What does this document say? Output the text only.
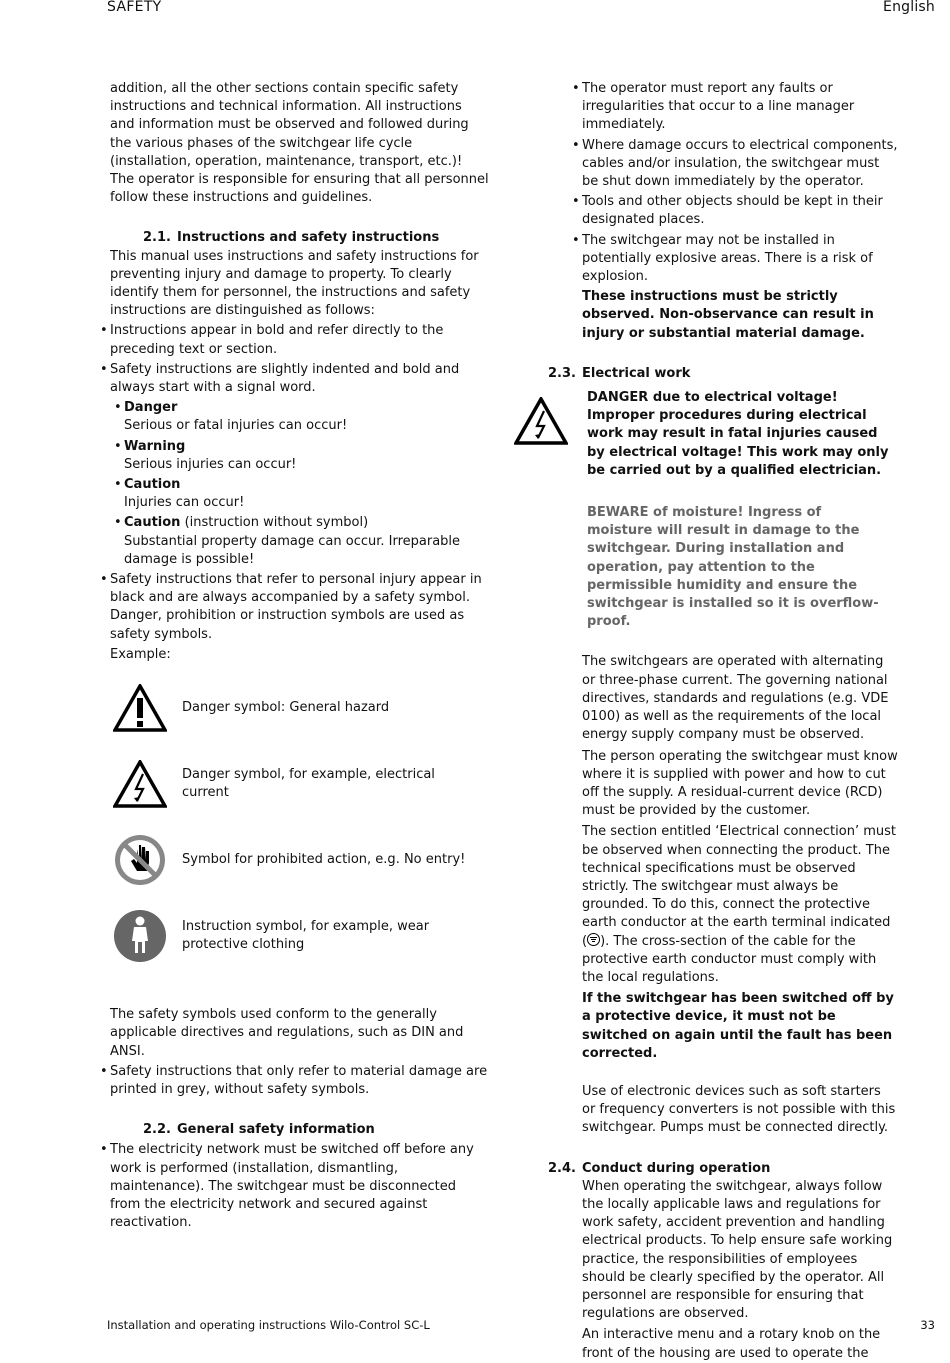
SAFETY	English

addition, all the other sections contain specific safety instructions and technical information. All instructions and information must be observed and followed during the various phases of the switchgear life cycle (installation, operation, maintenance, transport, etc.)! The operator is responsible for ensuring that all personnel follow these instructions and guidelines.

2.1. Instructions and safety instructions

This manual uses instructions and safety instructions for preventing injury and damage to property. To clearly identify them for personnel, the instructions and safety instructions are distinguished as follows:

• Instructions appear in bold and refer directly to the preceding text or section.
• Safety instructions are slightly indented and bold and always start with a signal word.
• Danger
Serious or fatal injuries can occur!
• Warning
Serious injuries can occur!
• Caution
Injuries can occur!
• Caution (instruction without symbol)
Substantial property damage can occur. Irreparable damage is possible!
• Safety instructions that refer to personal injury appear in black and are always accompanied by a safety symbol. Danger, prohibition or instruction symbols are used as safety symbols.

Example:

Danger symbol: General hazard
Danger symbol, for example, electrical current
Symbol for prohibited action, e.g. No entry!
Instruction symbol, for example, wear protective clothing

The safety symbols used conform to the generally applicable directives and regulations, such as DIN and ANSI.

• Safety instructions that only refer to material damage are printed in grey, without safety symbols.
2.2. General safety information
• The electricity network must be switched off before any work is performed (installation, dismantling, maintenance). The switchgear must be disconnected from the electricity network and secured against reactivation.
• The operator must report any faults or irregularities that occur to a line manager immediately.
• Where damage occurs to electrical components, cables and/or insulation, the switchgear must be shut down immediately by the operator.
• Tools and other objects should be kept in their designated places.
• The switchgear may not be installed in potentially explosive areas. There is a risk of explosion.

These instructions must be strictly observed. Non-observance can result in injury or substantial material damage.

2.3. Electrical work

DANGER due to electrical voltage! Improper procedures during electrical work may result in fatal injuries caused by electrical voltage! This work may only be carried out by a qualified electrician.

BEWARE of moisture! Ingress of moisture will result in damage to the switchgear. During installation and operation, pay attention to the permissible humidity and ensure the switchgear is installed so it is overflow-proof.

The switchgears are operated with alternating or three-phase current. The governing national directives, standards and regulations (e.g. VDE 0100) as well as the requirements of the local energy supply company must be observed.

The person operating the switchgear must know where it is supplied with power and how to cut off the supply. A residual-current device (RCD) must be provided by the customer.

The section entitled ‘Electrical connection’ must be observed when connecting the product. The technical specifications must be observed strictly. The switchgear must always be grounded. To do this, connect the protective earth conductor at the earth terminal indicated ( ). The cross-section of the cable for the protective earth conductor must comply with the local regulations.

If the switchgear has been switched off by a protective device, it must not be switched on again until the fault has been corrected.

Use of electronic devices such as soft starters or frequency converters is not possible with this switchgear. Pumps must be connected directly.

2.4. Conduct during operation

When operating the switchgear, always follow the locally applicable laws and regulations for work safety, accident prevention and handling electrical products. To help ensure safe working practice, the responsibilities of employees should be clearly specified by the operator. All personnel are responsible for ensuring that regulations are observed.

An interactive menu and a rotary knob on the front of the housing are used to operate the

Installation and operating instructions Wilo-Control SC-L	33
